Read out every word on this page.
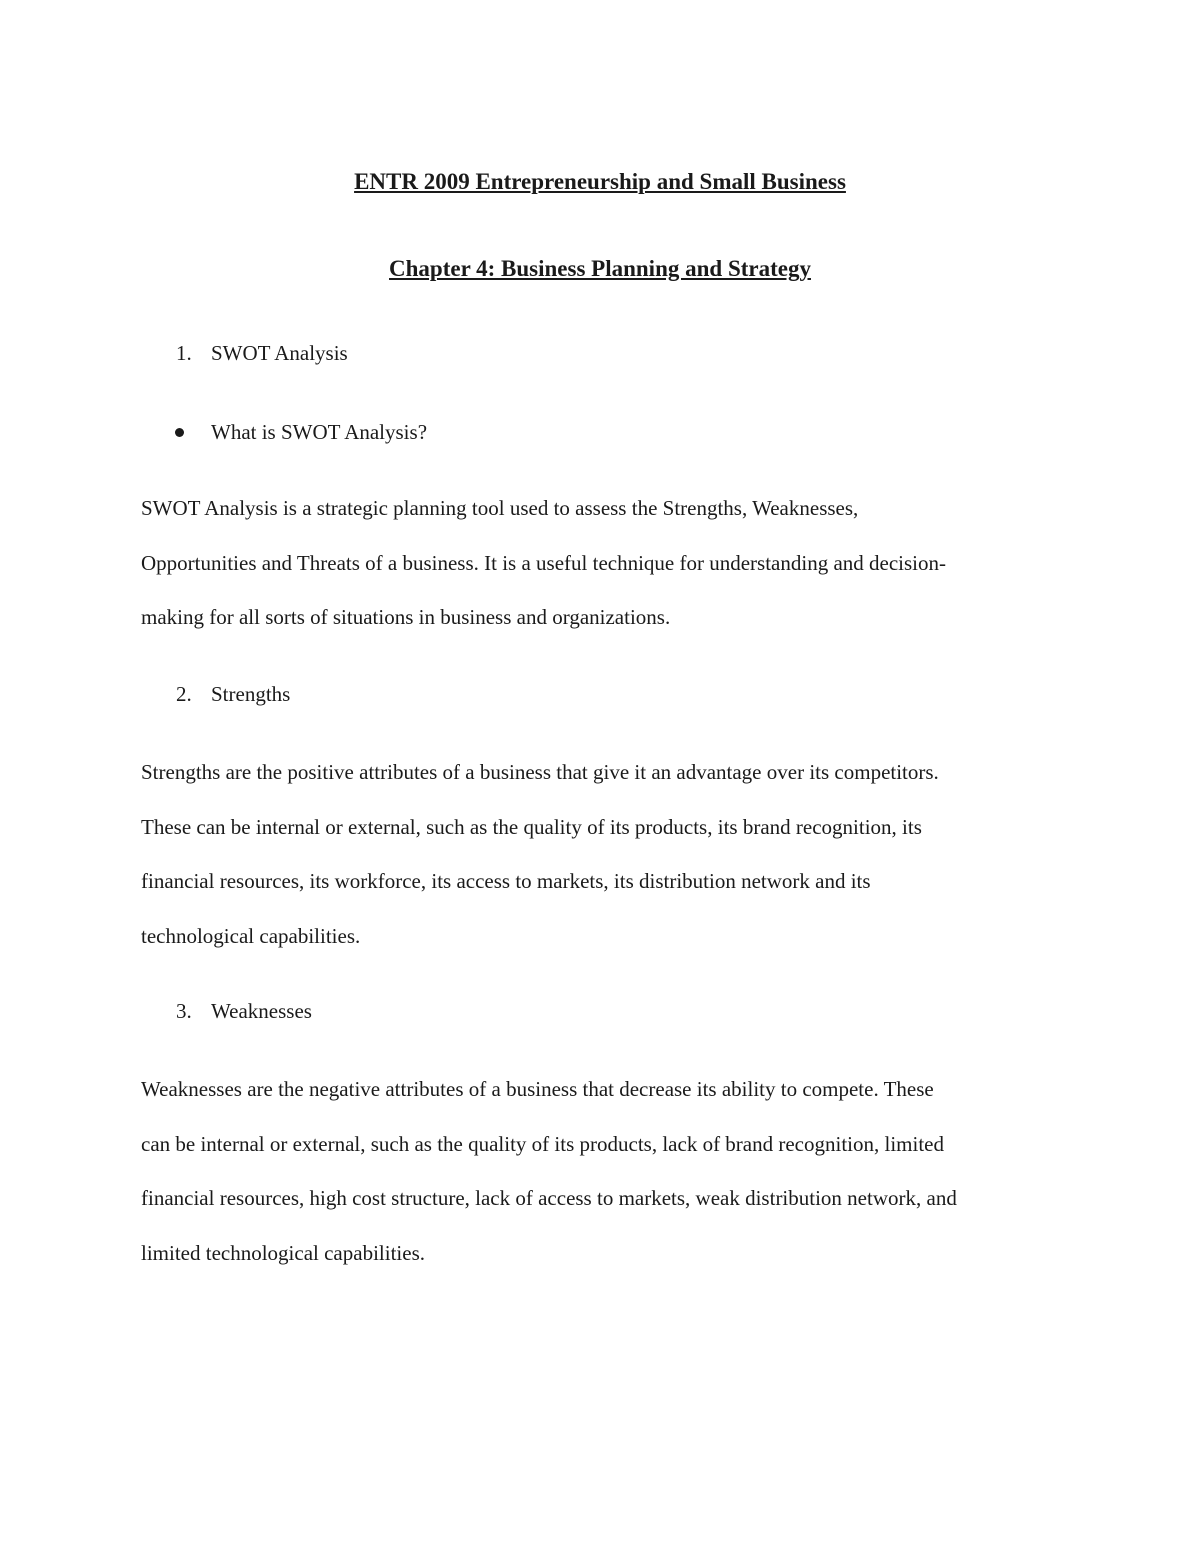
ENTR 2009 Entrepreneurship and Small Business
Chapter 4: Business Planning and Strategy
1. SWOT Analysis
What is SWOT Analysis?
SWOT Analysis is a strategic planning tool used to assess the Strengths, Weaknesses,
Opportunities and Threats of a business. It is a useful technique for understanding and decision-
making for all sorts of situations in business and organizations.
2. Strengths
Strengths are the positive attributes of a business that give it an advantage over its competitors.
These can be internal or external, such as the quality of its products, its brand recognition, its
financial resources, its workforce, its access to markets, its distribution network and its
technological capabilities.
3. Weaknesses
Weaknesses are the negative attributes of a business that decrease its ability to compete. These
can be internal or external, such as the quality of its products, lack of brand recognition, limited
financial resources, high cost structure, lack of access to markets, weak distribution network, and
limited technological capabilities.
